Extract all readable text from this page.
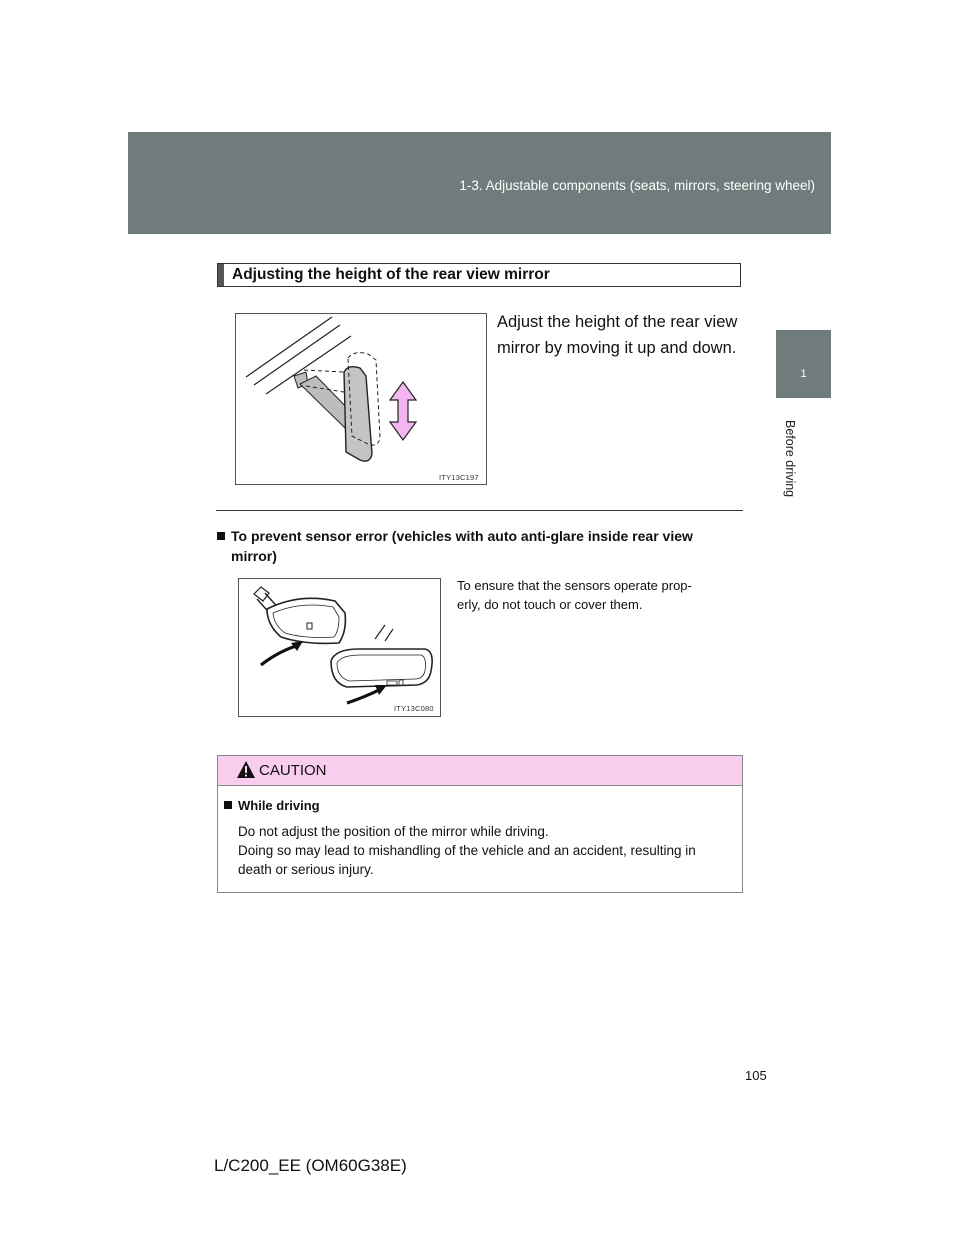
1-3. Adjustable components (seats, mirrors, steering wheel)
1
Before driving
Adjusting the height of the rear view mirror
ITY13C197
Adjust the height of the rear view
mirror by moving it up and down.
To prevent sensor error (vehicles with auto anti-glare inside rear view
mirror)
ITY13C080
To ensure that the sensors operate prop-
erly, do not touch or cover them.
CAUTION
While driving
Do not adjust the position of the mirror while driving.
Doing so may lead to mishandling of the vehicle and an accident, resulting in
death or serious injury.
105
L/C200_EE (OM60G38E)
